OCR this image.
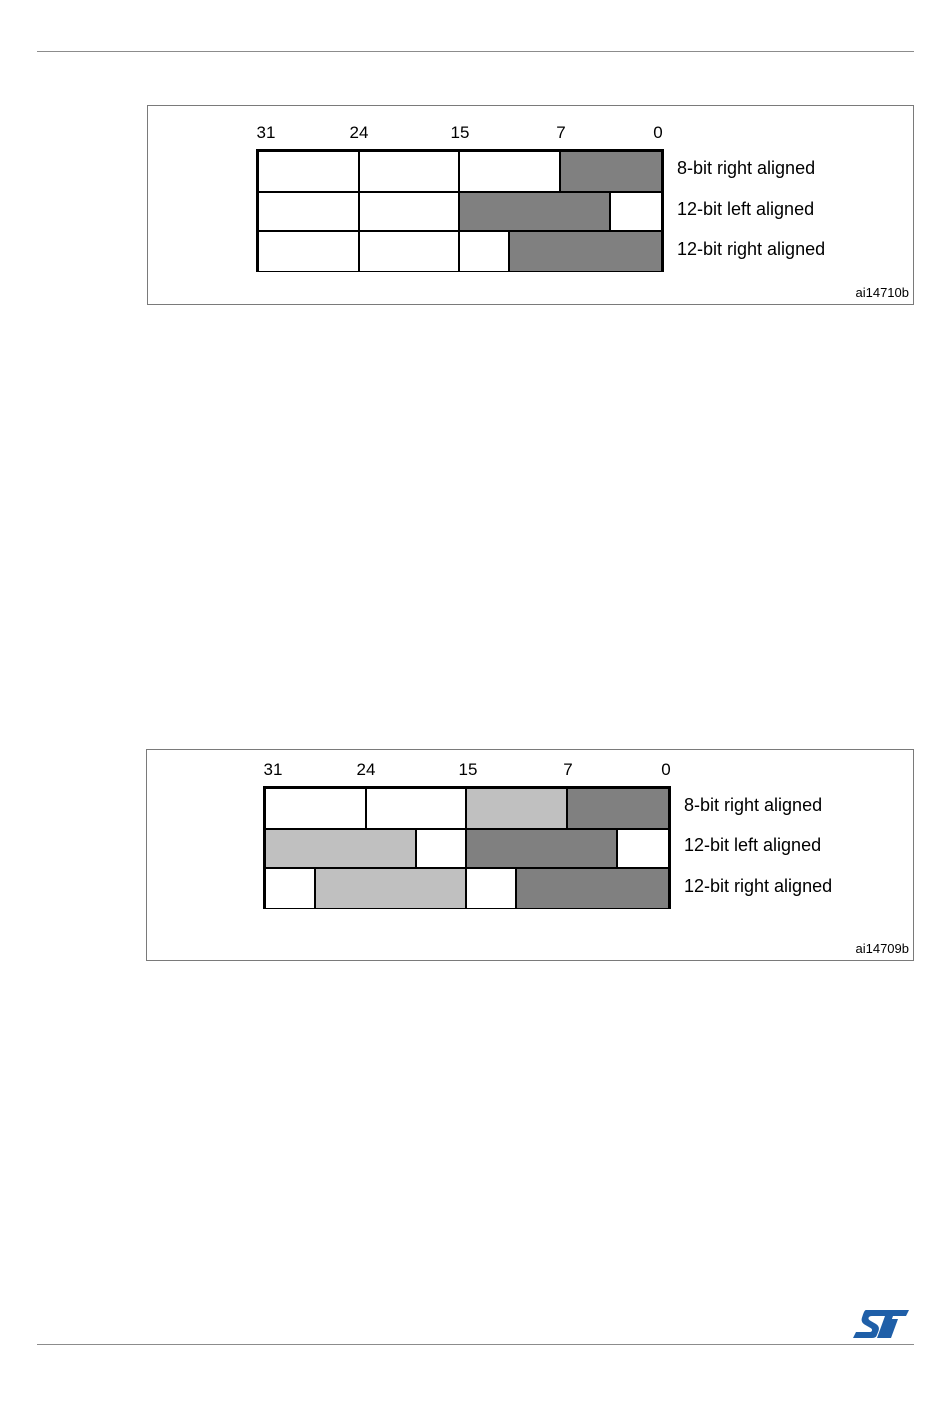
31	24	15	7	0
8-bit right aligned
12-bit left aligned
12-bit right aligned
ai14710b
31	24	15	7	0
8-bit right aligned
12-bit left aligned
12-bit right aligned
ai14709b
